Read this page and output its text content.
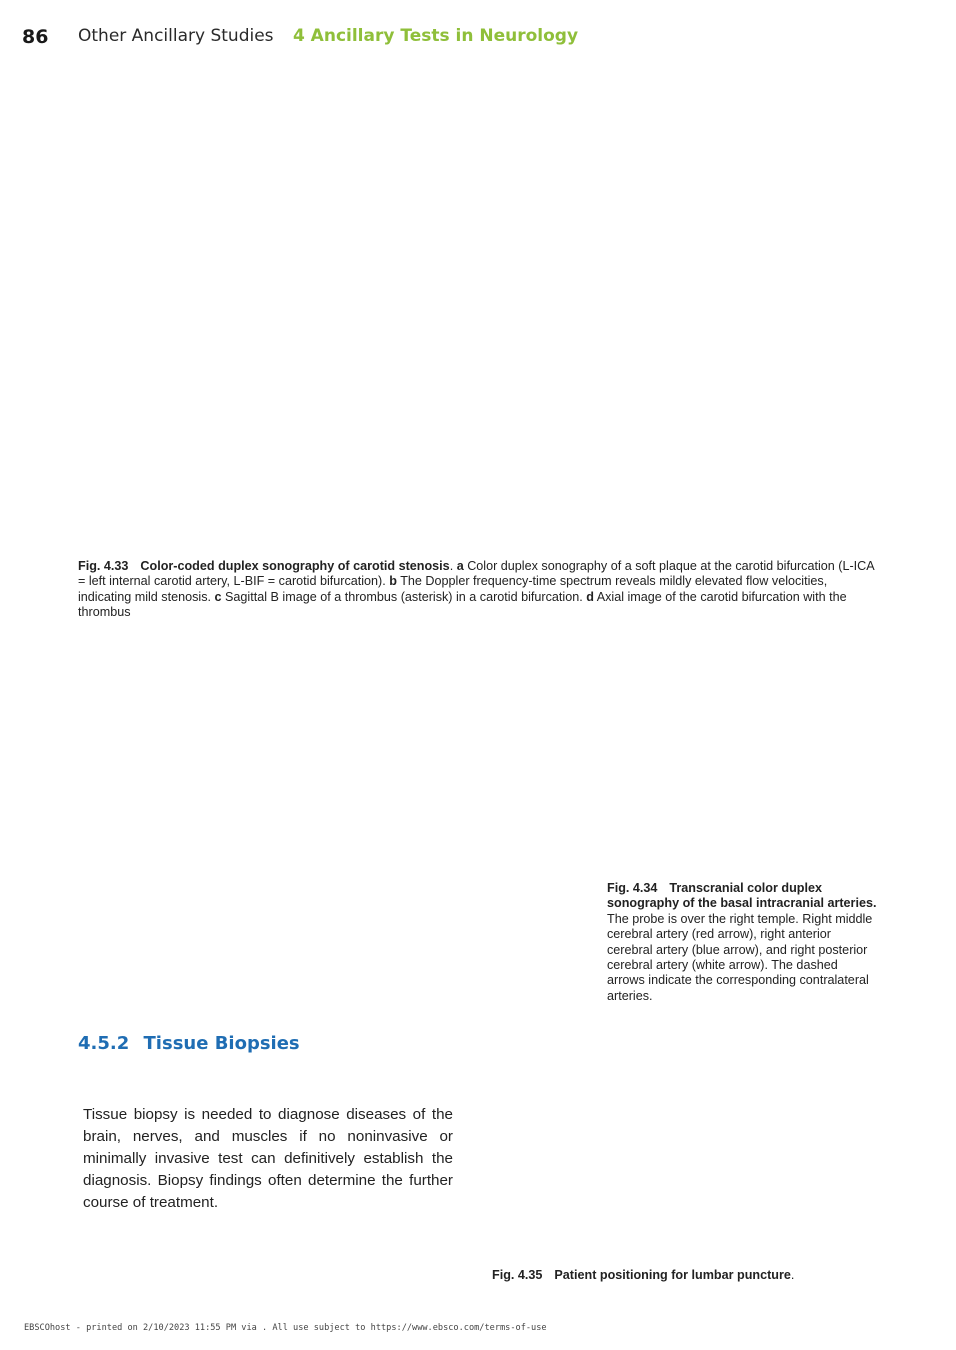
86 Other Ancillary Studies 4 Ancillary Tests in Neurology
Fig. 4.33 Color-coded duplex sonography of carotid stenosis. a Color duplex sonography of a soft plaque at the carotid bifurcation (L-ICA = left internal carotid artery, L-BIF = carotid bifurcation). b The Doppler frequency-time spectrum reveals mildly elevated flow velocities, indicating mild stenosis. c Sagittal B image of a thrombus (asterisk) in a carotid bifurcation. d Axial image of the carotid bifurcation with the thrombus
Fig. 4.34 Transcranial color duplex sonography of the basal intracranial arteries. The probe is over the right temple. Right middle cerebral artery (red arrow), right anterior cerebral artery (blue arrow), and right posterior cerebral artery (white arrow). The dashed arrows indicate the corresponding contralateral arteries.
4.5.2 Tissue Biopsies
Tissue biopsy is needed to diagnose diseases of the brain, nerves, and muscles if no noninvasive or minimally invasive test can definitively establish the diagnosis. Biopsy findings often determine the further course of treatment.
Fig. 4.35 Patient positioning for lumbar puncture.
EBSCOhost - printed on 2/10/2023 11:55 PM via . All use subject to https://www.ebsco.com/terms-of-use
